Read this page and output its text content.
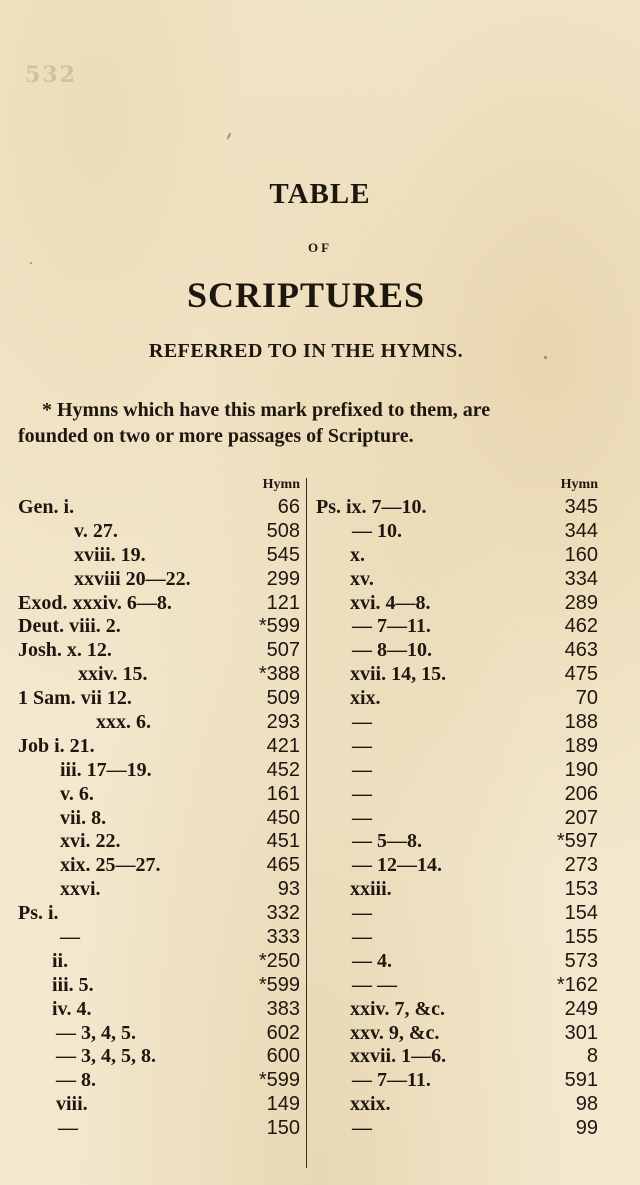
532
TABLE
OF
SCRIPTURES
REFERRED TO IN THE HYMNS.
* Hymns which have this mark prefixed to them, are
founded on two or more passages of Scripture.
Hymn
Gen. i.	66
v. 27.	508
xviii. 19.	545
xxviii 20—22.	299
Exod. xxxiv. 6—8.	121
Deut. viii. 2.	*599
Josh. x. 12.	507
xxiv. 15.	*388
1 Sam. vii 12.	509
xxx. 6.	293
Job i. 21.	421
iii. 17—19.	452
v. 6.	161
vii. 8.	450
xvi. 22.	451
xix. 25—27.	465
xxvi.	93
Ps. i.	332
—	333
ii.	*250
iii. 5.	*599
iv. 4.	383
— 3, 4, 5.	602
— 3, 4, 5, 8.	600
— 8.	*599
viii.	149
—	150
Hymn
Ps. ix. 7—10.	345
— 10.	344
x.	160
xv.	334
xvi. 4—8.	289
— 7—11.	462
— 8—10.	463
xvii. 14, 15.	475
xix.	70
—	188
—	189
—	190
—	206
—	207
— 5—8.	*597
— 12—14.	273
xxiii.	153
—	154
—	155
— 4.	573
— —	*162
xxiv. 7, &c.	249
xxv. 9, &c.	301
xxvii. 1—6.	8
— 7—11.	591
xxix.	98
—	99
